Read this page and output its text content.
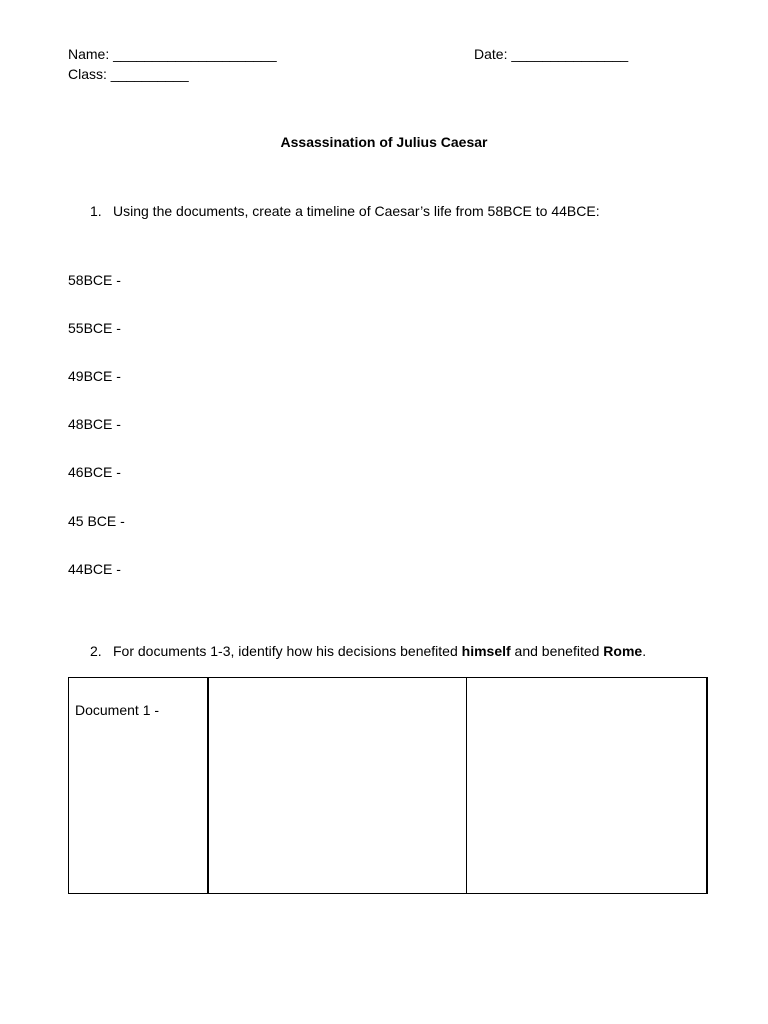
Name: _____________________	Date: _______________
Class: __________
Assassination of Julius Caesar
1. Using the documents, create a timeline of Caesar’s life from 58BCE to 44BCE:
58BCE -
55BCE -
49BCE -
48BCE -
46BCE -
45 BCE -
44BCE -
2. For documents 1-3, identify how his decisions benefited himself and benefited Rome.
Document 1 -
